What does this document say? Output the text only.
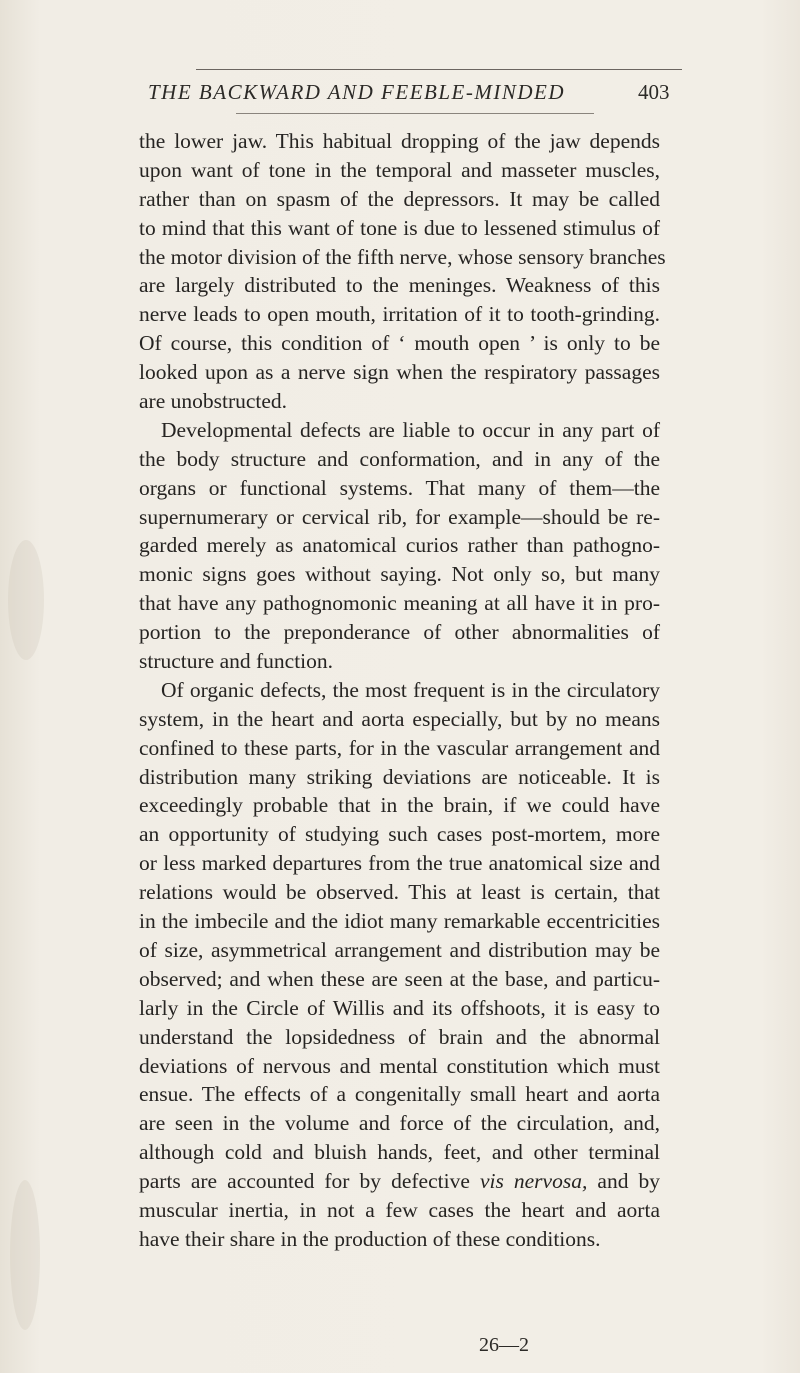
THE BACKWARD AND FEEBLE-MINDED	403
the lower jaw. This habitual dropping of the jaw depends
upon want of tone in the temporal and masseter muscles,
rather than on spasm of the depressors. It may be called
to mind that this want of tone is due to lessened stimulus of
the motor division of the fifth nerve, whose sensory branches
are largely distributed to the meninges. Weakness of this
nerve leads to open mouth, irritation of it to tooth-grinding.
Of course, this condition of ‘ mouth open ’ is only to be
looked upon as a nerve sign when the respiratory passages
are unobstructed.
Developmental defects are liable to occur in any part of
the body structure and conformation, and in any of the
organs or functional systems. That many of them—the
supernumerary or cervical rib, for example—should be re-
garded merely as anatomical curios rather than pathogno-
monic signs goes without saying. Not only so, but many
that have any pathognomonic meaning at all have it in pro-
portion to the preponderance of other abnormalities of
structure and function.
Of organic defects, the most frequent is in the circulatory
system, in the heart and aorta especially, but by no means
confined to these parts, for in the vascular arrangement and
distribution many striking deviations are noticeable. It is
exceedingly probable that in the brain, if we could have
an opportunity of studying such cases post-mortem, more
or less marked departures from the true anatomical size and
relations would be observed. This at least is certain, that
in the imbecile and the idiot many remarkable eccentricities
of size, asymmetrical arrangement and distribution may be
observed; and when these are seen at the base, and particu-
larly in the Circle of Willis and its offshoots, it is easy to
understand the lopsidedness of brain and the abnormal
deviations of nervous and mental constitution which must
ensue. The effects of a congenitally small heart and aorta
are seen in the volume and force of the circulation, and,
although cold and bluish hands, feet, and other terminal
parts are accounted for by defective vis nervosa, and by
muscular inertia, in not a few cases the heart and aorta
have their share in the production of these conditions.
26—2
